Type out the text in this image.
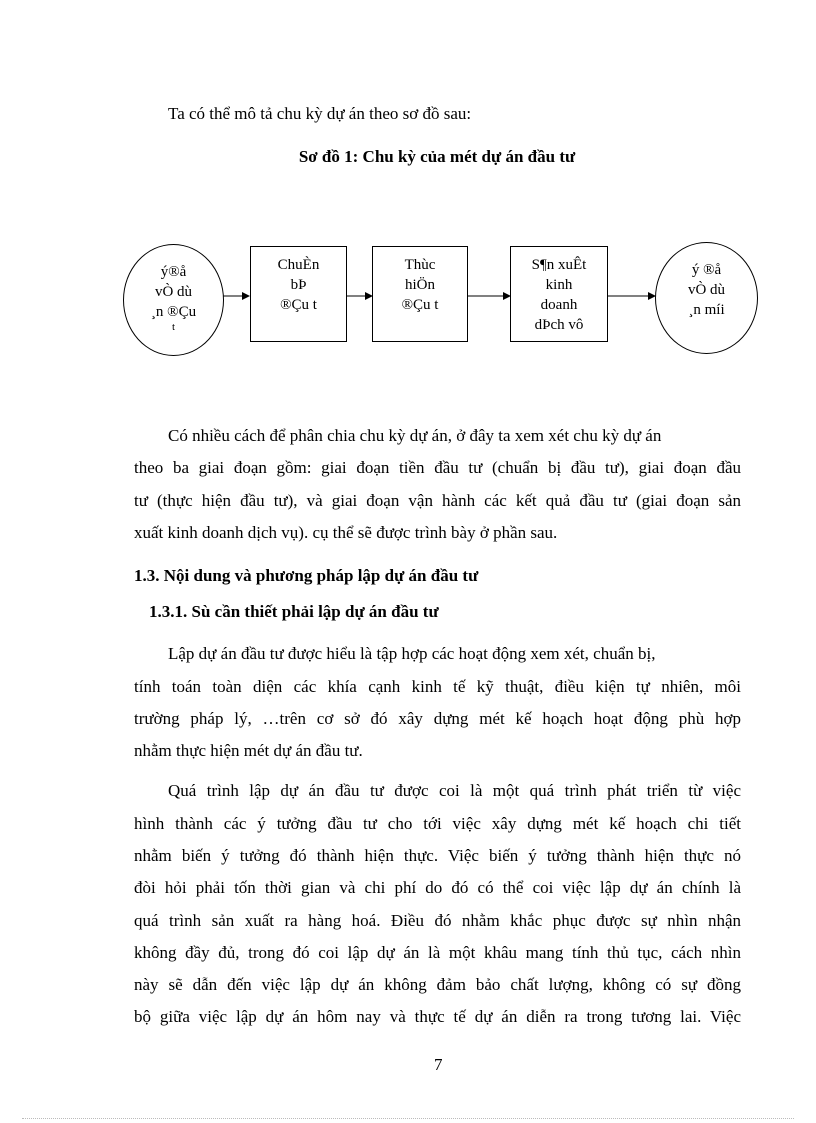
Ta có thể mô tả chu kỳ dự án theo sơ đồ sau:
Sơ đồ 1: Chu kỳ của mét dự án đầu tư
ý®å
vÒ dù
¸n ®Çu
t
ChuÈn
bÞ
®Çu t
Thùc
hiÖn
®Çu t
S¶n xuÊt
kinh
doanh
dÞch vô
ý ®å
vÒ dù
¸n míi
Có nhiều cách để phân chia chu kỳ dự án, ở đây ta xem xét chu kỳ dự án
theo ba giai đoạn gồm: giai đoạn tiền đầu tư (chuẩn bị đầu tư), giai đoạn đầu
tư (thực hiện đầu tư), và giai đoạn vận hành các kết quả đầu tư (giai đoạn sản
xuất kinh doanh dịch vụ). cụ thể sẽ được trình bày ở phần sau.
1.3. Nội dung và phương pháp lập dự án đầu tư
1.3.1. Sù cần thiết phải lập dự án đầu tư
Lập dự án đầu tư được hiểu là tập hợp các hoạt động xem xét, chuẩn bị,
tính toán toàn diện các khía cạnh kinh tế kỹ thuật, điều kiện tự nhiên, môi
trường pháp lý, …trên cơ sở đó xây dựng mét kế hoạch hoạt động phù hợp
nhằm thực hiện mét dự án đầu tư.
Quá trình lập dự án đầu tư được coi là một quá trình phát triển từ việc
hình thành các ý tưởng đầu tư cho tới việc xây dựng mét kế hoạch chi tiết
nhằm biến ý tưởng đó thành hiện thực. Việc biến ý tưởng thành hiện thực nó
đòi hỏi phải tốn thời gian và chi phí do đó có thể coi việc lập dự án chính là
quá trình sản xuất ra hàng hoá. Điều đó nhằm khắc phục được sự nhìn nhận
không đầy đủ, trong đó coi lập dự án là một khâu mang tính thủ tục, cách nhìn
này sẽ dẫn đến việc lập dự án không đảm bảo chất lượng, không có sự đồng
bộ giữa việc lập dự án hôm nay và thực tế dự án diễn ra trong tương lai. Việc
7
